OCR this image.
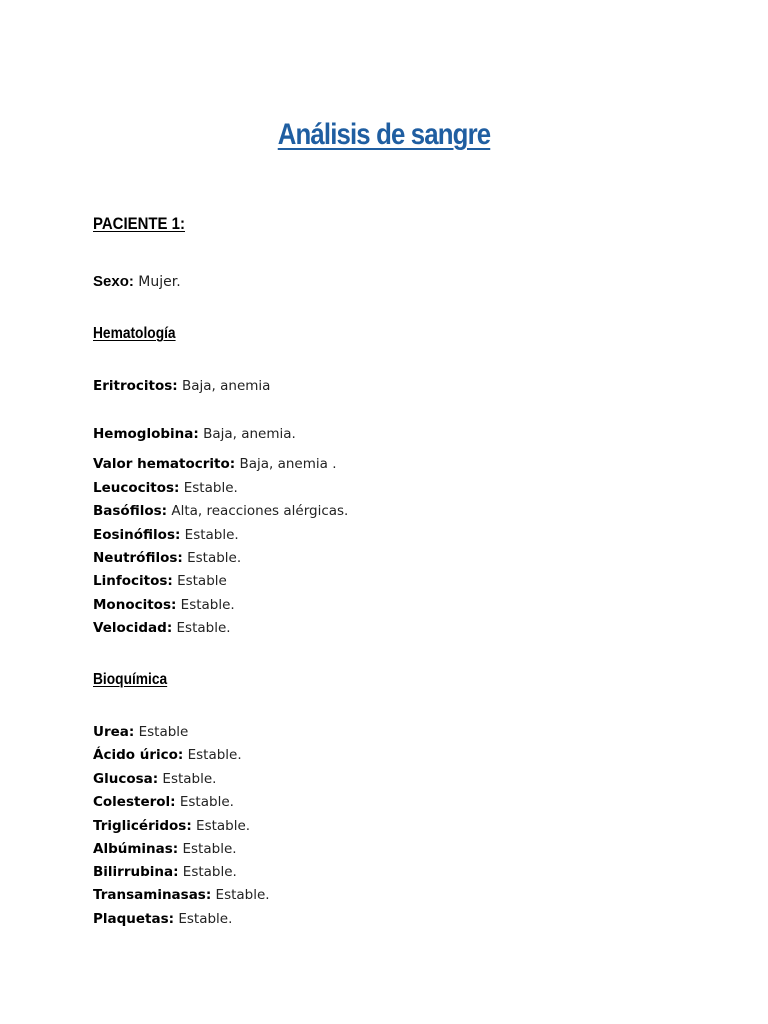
Análisis de sangre
PACIENTE 1:
Sexo: Mujer.
Hematología
Eritrocitos: Baja, anemia
Hemoglobina: Baja, anemia.
Valor hematocrito: Baja, anemia .
Leucocitos: Estable.
Basófilos: Alta, reacciones alérgicas.
Eosinófilos: Estable.
Neutrófilos: Estable.
Linfocitos: Estable
Monocitos: Estable.
Velocidad: Estable.
Bioquímica
Urea: Estable
Ácido úrico: Estable.
Glucosa: Estable.
Colesterol: Estable.
Triglicéridos: Estable.
Albúminas: Estable.
Bilirrubina: Estable.
Transaminasas: Estable.
Plaquetas: Estable.
